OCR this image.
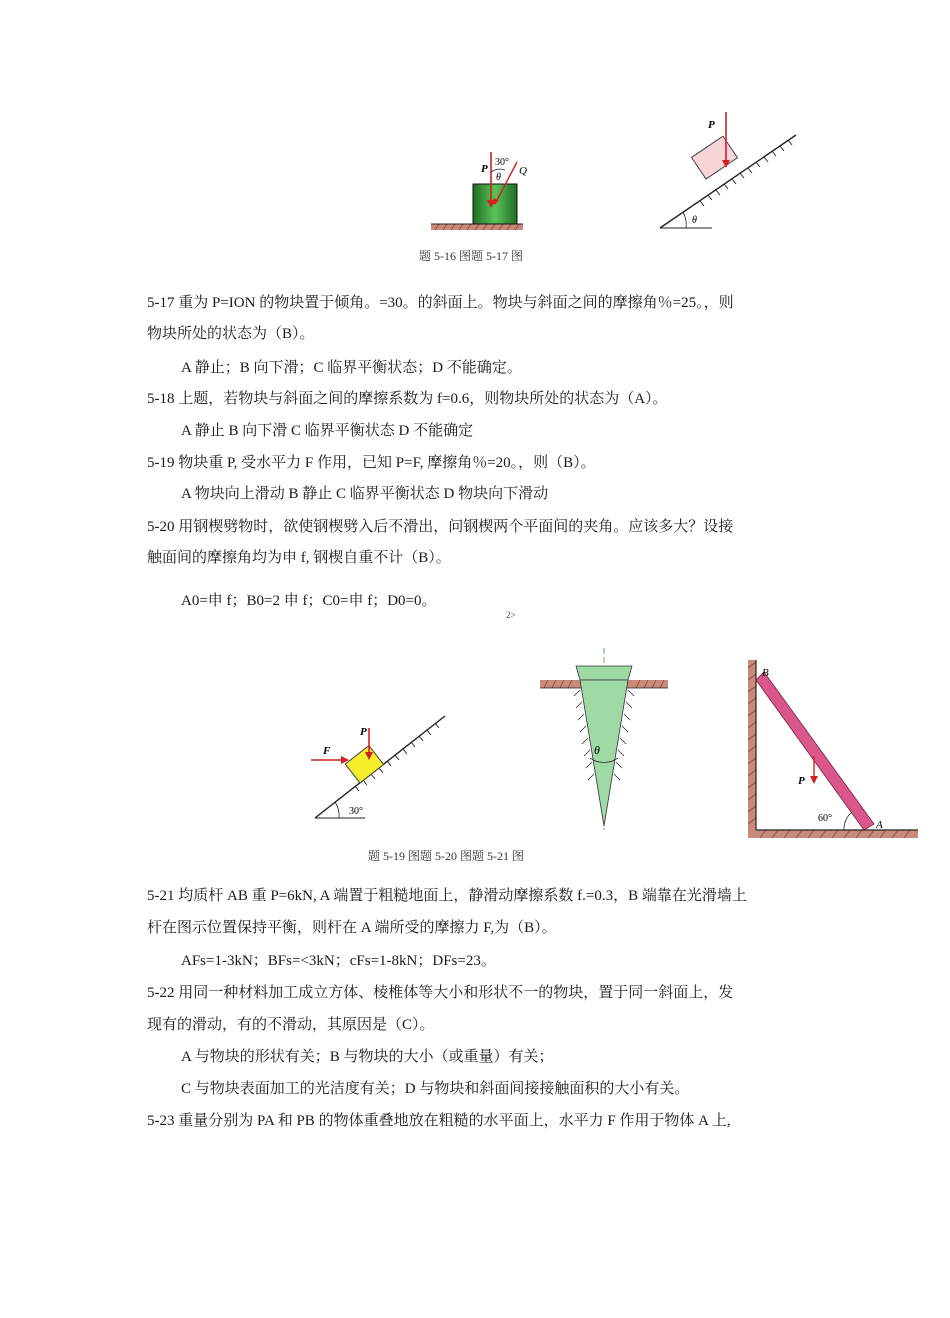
P	Q
30°
θ
P
θ
题 5-16 图题 5-17 图
5-17 重为 P=ION 的物块置于倾角。=30。的斜面上。物块与斜面之间的摩擦角％=25。，则
物块所处的状态为（B）。
A 静止；B 向下滑；C 临界平衡状态；D 不能确定。
5-18 上题，若物块与斜面之间的摩擦系数为 f=0.6，则物块所处的状态为（A）。
A 静止 B 向下滑 C 临界平衡状态 D 不能确定
5-19 物块重 P, 受水平力 F 作用，已知 P=F, 摩擦角％=20。，则（B）。
A 物块向上滑动 B 静止 C 临界平衡状态 D 物块向下滑动
5-20 用钢楔劈物时，欲使钢楔劈入后不滑出，问钢楔两个平面间的夹角。应该多大？设接
触面间的摩擦角均为申 f, 钢楔自重不计（B）。
A0=申 f；B0=2 申 f；C0=申 f；D0=0。
2>
F
P
30°
θ
B
A
P
60°
题 5-19 图题 5-20 图题 5-21 图
5-21 均质杆 AB 重 P=6kN, A 端置于粗糙地面上，静滑动摩擦系数 f.=0.3，B 端靠在光滑墙上
杆在图示位置保持平衡，则杆在 A 端所受的摩擦力 F,为（B）。
AFs=1-3kN；BFs=<3kN；cFs=1-8kN；DFs=23。
5-22 用同一种材料加工成立方体、棱椎体等大小和形状不一的物块，置于同一斜面上，发
现有的滑动，有的不滑动，其原因是（C）。
A 与物块的形状有关；B 与物块的大小（或重量）有关；
C 与物块表面加工的光洁度有关；D 与物块和斜面间接接触面积的大小有关。
5-23 重量分别为 PA 和 PB 的物体重叠地放在粗糙的水平面上，水平力 F 作用于物体 A 上,
